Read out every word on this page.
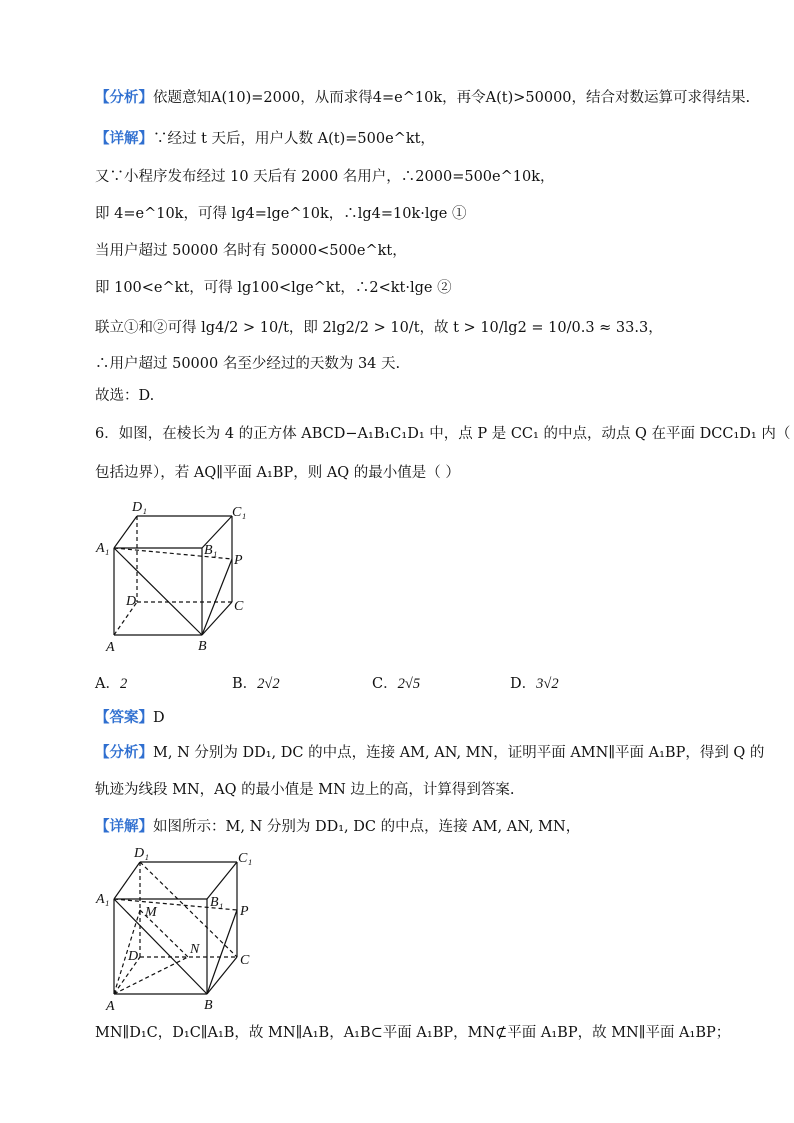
【分析】依题意知A(10)=2000，从而求得4=e^10k，再令A(t)>50000，结合对数运算可求得结果.
【详解】∵经过 t 天后，用户人数 A(t)=500e^kt，
又∵小程序发布经过 10 天后有 2000 名用户，∴2000=500e^10k，
即 4=e^10k，可得 lg4=lge^10k，∴lg4=10k·lge ①
当用户超过 50000 名时有 50000<500e^kt，
即 100<e^kt，可得 lg100<lge^kt，∴2<kt·lge ②
联立①和②可得 lg4/2 > 10/t，即 2lg2/2 > 10/t，故 t > 10/lg2 = 10/0.3 ≈ 33.3，
∴用户超过 50000 名至少经过的天数为 34 天.
故选：D.
6．如图，在棱长为 4 的正方体 ABCD−A₁B₁C₁D₁ 中，点 P 是 CC₁ 的中点，动点 Q 在平面 DCC₁D₁ 内（
包括边界），若 AQ∥平面 A₁BP，则 AQ 的最小值是（ ）
D₁	C₁
A₁	B₁
P
D	C
A	B
A．2	B．2√2	C．2√5	D．3√2
【答案】D
【分析】M, N 分别为 DD₁, DC 的中点，连接 AM, AN, MN，证明平面 AMN∥平面 A₁BP，得到 Q 的
轨迹为线段 MN，AQ 的最小值是 MN 边上的高，计算得到答案.
【详解】如图所示：M, N 分别为 DD₁, DC 的中点，连接 AM, AN, MN，
D₁	C₁
A₁	B₁
P
M
N
D	C
A	B
MN∥D₁C，D₁C∥A₁B，故 MN∥A₁B，A₁B⊂平面 A₁BP，MN⊄平面 A₁BP，故 MN∥平面 A₁BP；
